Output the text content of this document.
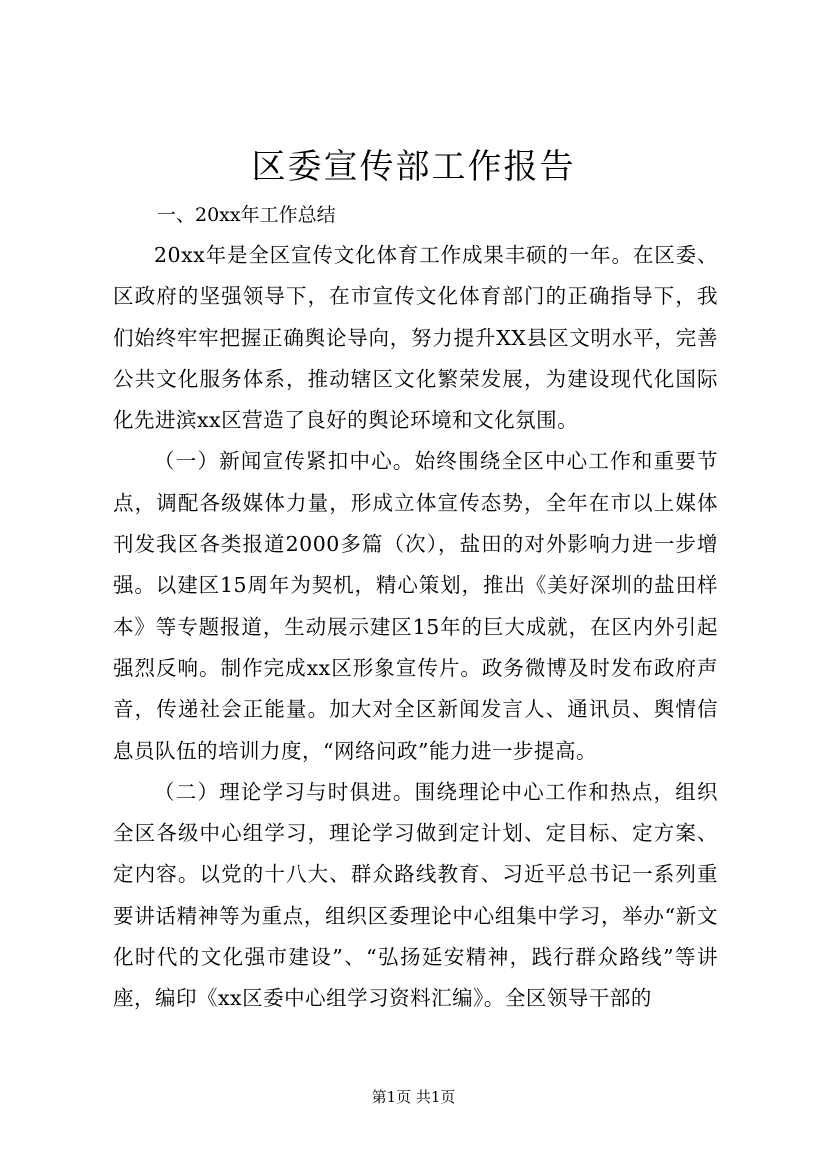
区委宣传部工作报告

一、20xx年工作总结

20xx年是全区宣传文化体育工作成果丰硕的一年。在区委、区政府的坚强领导下，在市宣传文化体育部门的正确指导下，我们始终牢牢把握正确舆论导向，努力提升XX县区文明水平，完善公共文化服务体系，推动辖区文化繁荣发展，为建设现代化国际化先进滨xx区营造了良好的舆论环境和文化氛围。

（一）新闻宣传紧扣中心。始终围绕全区中心工作和重要节点，调配各级媒体力量，形成立体宣传态势，全年在市以上媒体刊发我区各类报道2000多篇（次），盐田的对外影响力进一步增强。以建区15周年为契机，精心策划，推出《美好深圳的盐田样本》等专题报道，生动展示建区15年的巨大成就，在区内外引起强烈反响。制作完成xx区形象宣传片。政务微博及时发布政府声音，传递社会正能量。加大对全区新闻发言人、通讯员、舆情信息员队伍的培训力度，“网络问政”能力进一步提高。

（二）理论学习与时俱进。围绕理论中心工作和热点，组织全区各级中心组学习，理论学习做到定计划、定目标、定方案、定内容。以党的十八大、群众路线教育、习近平总书记一系列重要讲话精神等为重点，组织区委理论中心组集中学习，举办“新文化时代的文化强市建设”、“弘扬延安精神，践行群众路线”等讲座，编印《xx区委中心组学习资料汇编》。全区领导干部的

第1页 共1页
